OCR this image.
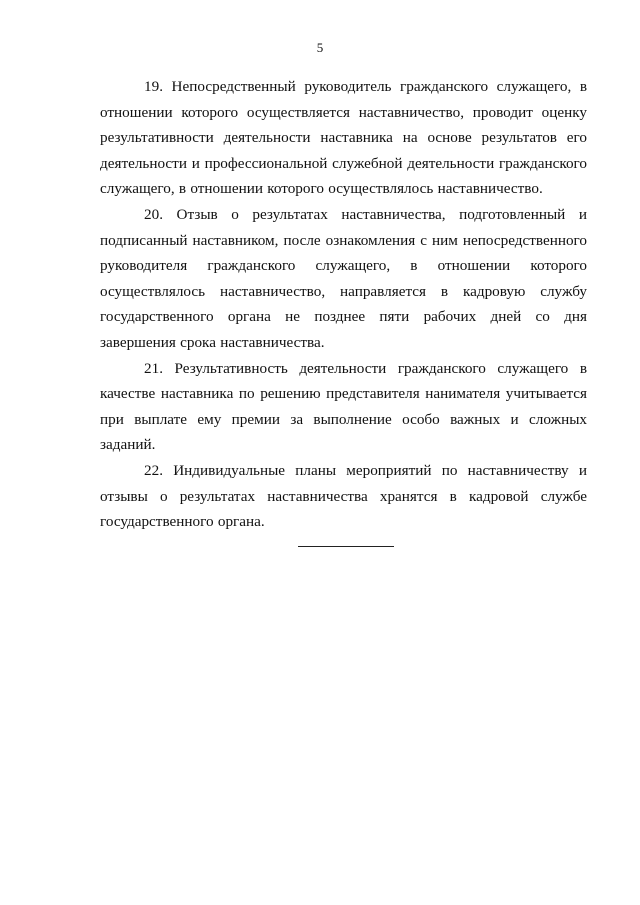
5

19. Непосредственный руководитель гражданского служащего, в отношении которого осуществляется наставничество, проводит оценку результативности деятельности наставника на основе результатов его деятельности и профессиональной служебной деятельности гражданского служащего, в отношении которого осуществлялось наставничество.

20. Отзыв о результатах наставничества, подготовленный и подписанный наставником, после ознакомления с ним непосредственного руководителя гражданского служащего, в отношении которого осуществлялось наставничество, направляется в кадровую службу государственного органа не позднее пяти рабочих дней со дня завершения срока наставничества.

21. Результативность деятельности гражданского служащего в качестве наставника по решению представителя нанимателя учитывается при выплате ему премии за выполнение особо важных и сложных заданий.

22. Индивидуальные планы мероприятий по наставничеству и отзывы о результатах наставничества хранятся в кадровой службе государственного органа.
